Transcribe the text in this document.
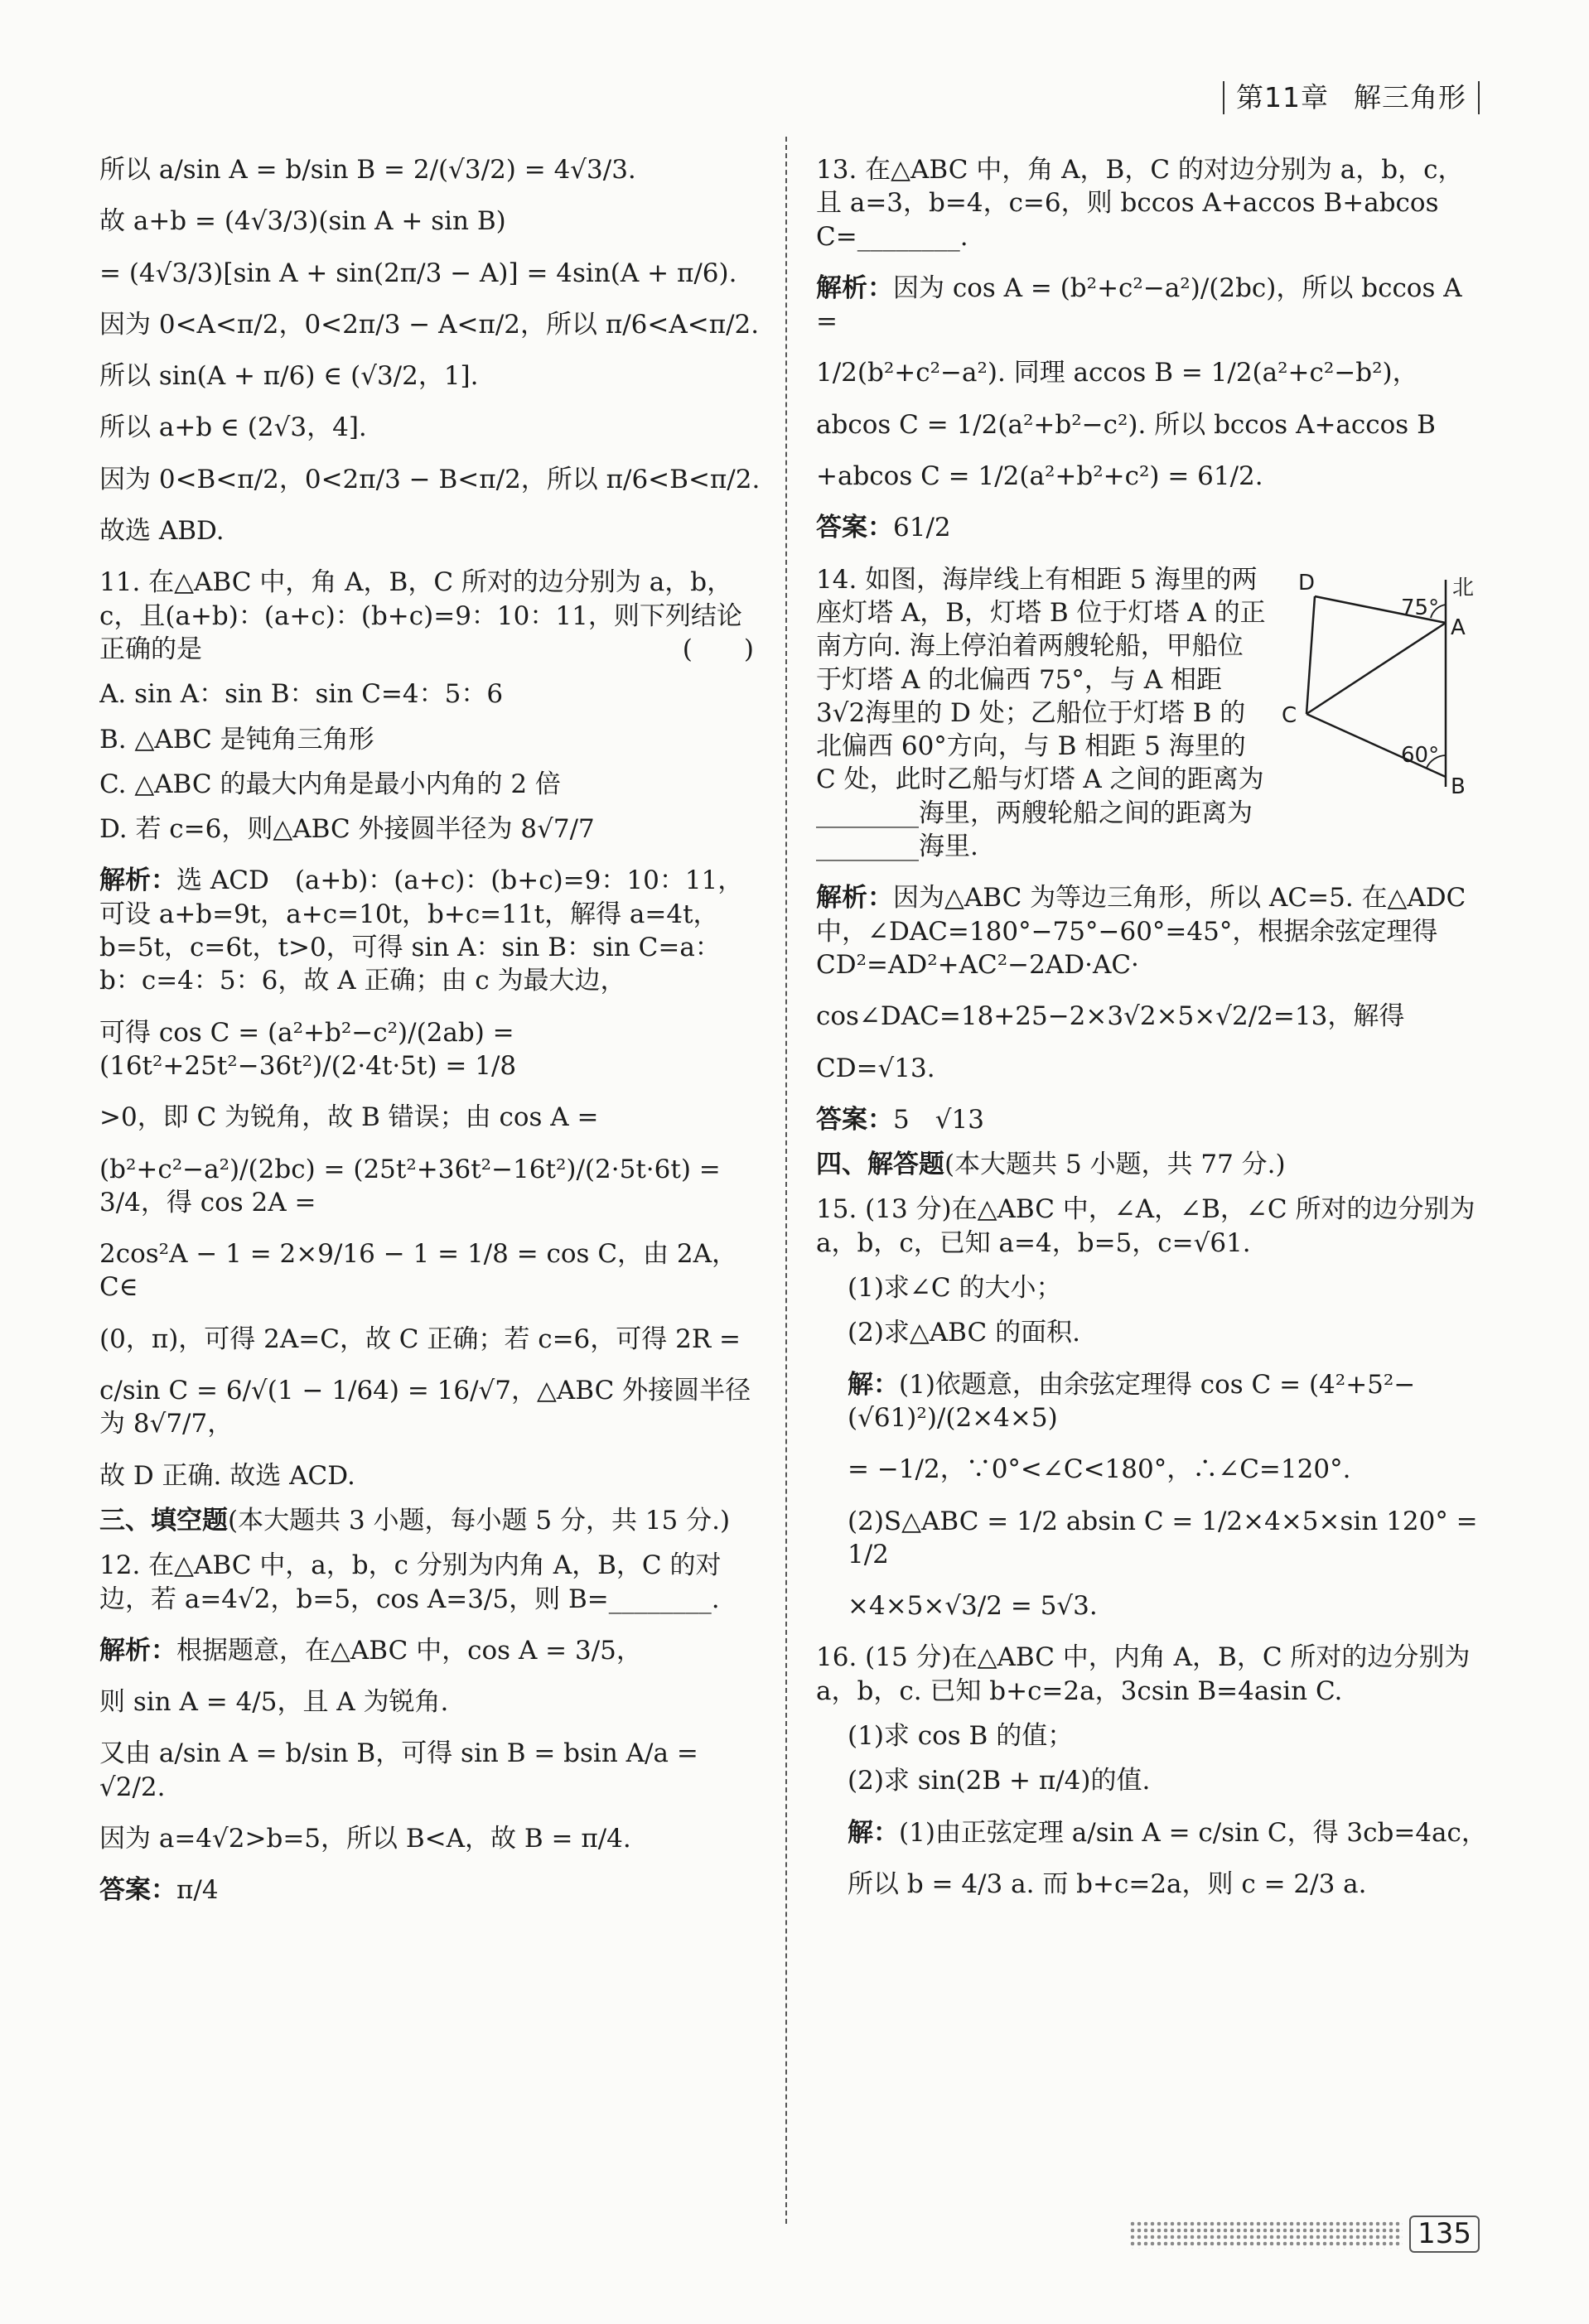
第11章 解三角形
所以 a/sin A = b/sin B = 2/(√3/2) = 4√3/3.
故 a+b = (4√3/3)(sin A + sin B)
= (4√3/3)[sin A + sin(2π/3 − A)] = 4sin(A + π/6).
因为 0<A<π/2，0<2π/3 − A<π/2，所以 π/6<A<π/2.
所以 sin(A + π/6) ∈ (√3/2，1].
所以 a+b ∈ (2√3，4].
因为 0<B<π/2，0<2π/3 − B<π/2，所以 π/6<B<π/2.
故选 ABD.
11. 在△ABC 中，角 A，B，C 所对的边分别为 a，b，c，且(a+b)：(a+c)：(b+c)=9：10：11，则下列结论正确的是	(　　)
A. sin A：sin B：sin C=4：5：6
B. △ABC 是钝角三角形
C. △ABC 的最大内角是最小内角的 2 倍
D. 若 c=6，则△ABC 外接圆半径为 8√7/7
解析：选 ACD　(a+b)：(a+c)：(b+c)=9：10：11，可设 a+b=9t，a+c=10t，b+c=11t，解得 a=4t，b=5t，c=6t，t>0，可得 sin A：sin B：sin C=a：b：c=4：5：6，故 A 正确；由 c 为最大边，
可得 cos C = (a²+b²−c²)/(2ab) = (16t²+25t²−36t²)/(2·4t·5t) = 1/8
>0，即 C 为锐角，故 B 错误；由 cos A =
(b²+c²−a²)/(2bc) = (25t²+36t²−16t²)/(2·5t·6t) = 3/4，得 cos 2A =
2cos²A − 1 = 2×9/16 − 1 = 1/8 = cos C，由 2A，C∈
(0，π)，可得 2A=C，故 C 正确；若 c=6，可得 2R =
c/sin C = 6/√(1 − 1/64) = 16/√7，△ABC 外接圆半径为 8√7/7，
故 D 正确. 故选 ACD.
三、填空题(本大题共 3 小题，每小题 5 分，共 15 分.)
12. 在△ABC 中，a，b，c 分别为内角 A，B，C 的对边，若 a=4√2，b=5，cos A=3/5，则 B=________.
解析：根据题意，在△ABC 中，cos A = 3/5，
则 sin A = 4/5，且 A 为锐角.
又由 a/sin A = b/sin B，可得 sin B = bsin A/a = √2/2.
因为 a=4√2>b=5，所以 B<A，故 B = π/4.
答案：π/4
13. 在△ABC 中，角 A，B，C 的对边分别为 a，b，c，且 a=3，b=4，c=6，则 bccos A+accos B+abcos C=________.
解析：因为 cos A = (b²+c²−a²)/(2bc)，所以 bccos A =
1/2(b²+c²−a²). 同理 accos B = 1/2(a²+c²−b²)，
abcos C = 1/2(a²+b²−c²). 所以 bccos A+accos B
+abcos C = 1/2(a²+b²+c²) = 61/2.
答案：61/2
D
A
B
C
北
75°
60°
14. 如图，海岸线上有相距 5 海里的两座灯塔 A，B，灯塔 B 位于灯塔 A 的正南方向. 海上停泊着两艘轮船，甲船位于灯塔 A 的北偏西 75°，与 A 相距 3√2海里的 D 处；乙船位于灯塔 B 的北偏西 60°方向，与 B 相距 5 海里的 C 处，此时乙船与灯塔 A 之间的距离为________海里，两艘轮船之间的距离为________海里.
解析：因为△ABC 为等边三角形，所以 AC=5. 在△ADC 中，∠DAC=180°−75°−60°=45°，根据余弦定理得 CD²=AD²+AC²−2AD·AC·
cos∠DAC=18+25−2×3√2×5×√2/2=13，解得
CD=√13.
答案：5　√13
四、解答题(本大题共 5 小题，共 77 分.)
15. (13 分)在△ABC 中，∠A，∠B，∠C 所对的边分别为 a，b，c，已知 a=4，b=5，c=√61.
(1)求∠C 的大小；
(2)求△ABC 的面积.
解：(1)依题意，由余弦定理得 cos C = (4²+5²−(√61)²)/(2×4×5)
= −1/2，∵0°<∠C<180°，∴∠C=120°.
(2)S△ABC = 1/2 absin C = 1/2×4×5×sin 120° = 1/2
×4×5×√3/2 = 5√3.
16. (15 分)在△ABC 中，内角 A，B，C 所对的边分别为 a，b，c. 已知 b+c=2a，3csin B=4asin C.
(1)求 cos B 的值；
(2)求 sin(2B + π/4)的值.
解：(1)由正弦定理 a/sin A = c/sin C，得 3cb=4ac，
所以 b = 4/3 a. 而 b+c=2a，则 c = 2/3 a.
135
